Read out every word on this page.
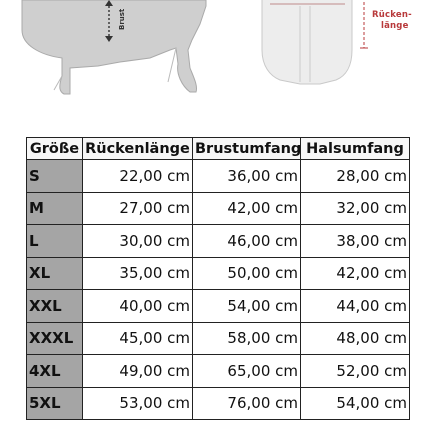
Brust	Rücken-
länge
Größe	Rückenlänge	Brustumfang	Halsumfang
S	22,00 cm	36,00 cm	28,00 cm
M	27,00 cm	42,00 cm	32,00 cm
L	30,00 cm	46,00 cm	38,00 cm
XL	35,00 cm	50,00 cm	42,00 cm
XXL	40,00 cm	54,00 cm	44,00 cm
XXXL	45,00 cm	58,00 cm	48,00 cm
4XL	49,00 cm	65,00 cm	52,00 cm
5XL	53,00 cm	76,00 cm	54,00 cm
